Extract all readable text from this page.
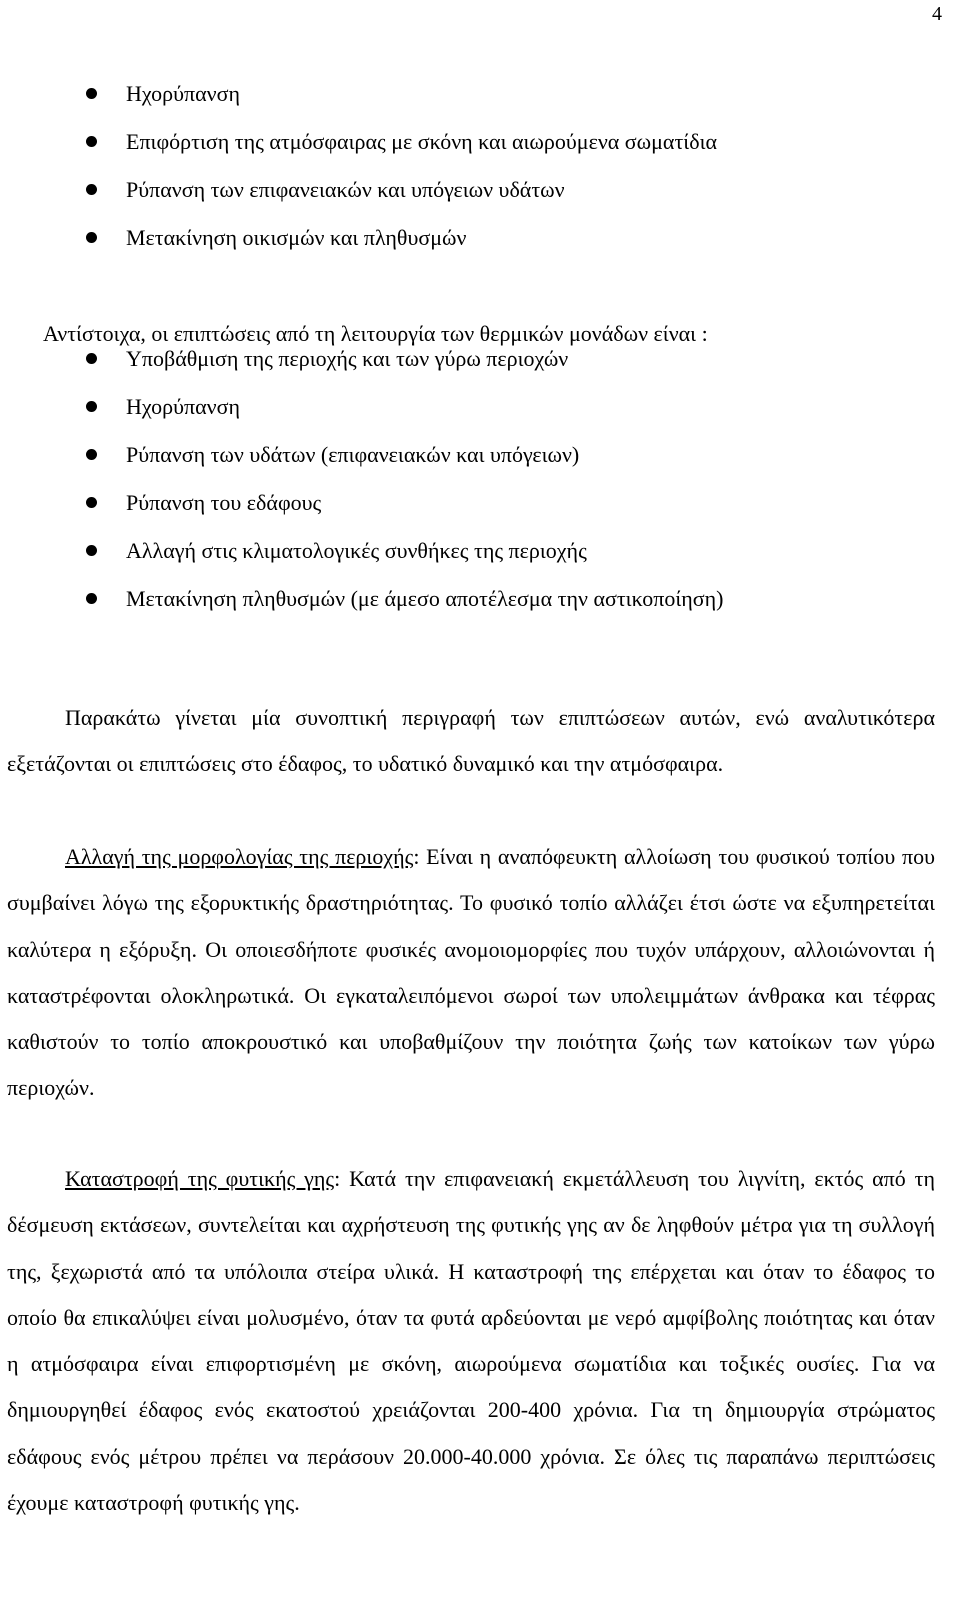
4
Ηχορύπανση
Επιφόρτιση της ατμόσφαιρας με σκόνη και αιωρούμενα σωματίδια
Ρύπανση των επιφανειακών και υπόγειων υδάτων
Μετακίνηση οικισμών και πληθυσμών
Αντίστοιχα, οι επιπτώσεις από τη λειτουργία των θερμικών μονάδων είναι :
Υποβάθμιση της περιοχής και των γύρω περιοχών
Ηχορύπανση
Ρύπανση των υδάτων (επιφανειακών και υπόγειων)
Ρύπανση του εδάφους
Αλλαγή στις κλιματολογικές συνθήκες της περιοχής
Μετακίνηση πληθυσμών (με άμεσο αποτέλεσμα την αστικοποίηση)

Παρακάτω γίνεται μία συνοπτική περιγραφή των επιπτώσεων αυτών, ενώ αναλυτικότερα εξετάζονται οι επιπτώσεις στο έδαφος, το υδατικό δυναμικό και την ατμόσφαιρα.

Αλλαγή της μορφολογίας της περιοχής: Είναι η αναπόφευκτη αλλοίωση του φυσικού τοπίου που συμβαίνει λόγω της εξορυκτικής δραστηριότητας. Το φυσικό τοπίο αλλάζει έτσι ώστε να εξυπηρετείται καλύτερα η εξόρυξη. Οι οποιεσδήποτε φυσικές ανομοιομορφίες που τυχόν υπάρχουν, αλλοιώνονται ή καταστρέφονται ολοκληρωτικά. Οι εγκαταλειπόμενοι σωροί των υπολειμμάτων άνθρακα και τέφρας καθιστούν το τοπίο αποκρουστικό και υποβαθμίζουν την ποιότητα ζωής των κατοίκων των γύρω περιοχών.

Καταστροφή της φυτικής γης: Κατά την επιφανειακή εκμετάλλευση του λιγνίτη, εκτός από τη δέσμευση εκτάσεων, συντελείται και αχρήστευση της φυτικής γης αν δε ληφθούν μέτρα για τη συλλογή της, ξεχωριστά από τα υπόλοιπα στείρα υλικά. Η καταστροφή της επέρχεται και όταν το έδαφος το οποίο θα επικαλύψει είναι μολυσμένο, όταν τα φυτά αρδεύονται με νερό αμφίβολης ποιότητας και όταν η ατμόσφαιρα είναι επιφορτισμένη με σκόνη, αιωρούμενα σωματίδια και τοξικές ουσίες. Για να δημιουργηθεί έδαφος ενός εκατοστού χρειάζονται 200-400 χρόνια. Για τη δημιουργία στρώματος εδάφους ενός μέτρου πρέπει να περάσουν 20.000-40.000 χρόνια. Σε όλες τις παραπάνω περιπτώσεις έχουμε καταστροφή φυτικής γης.
